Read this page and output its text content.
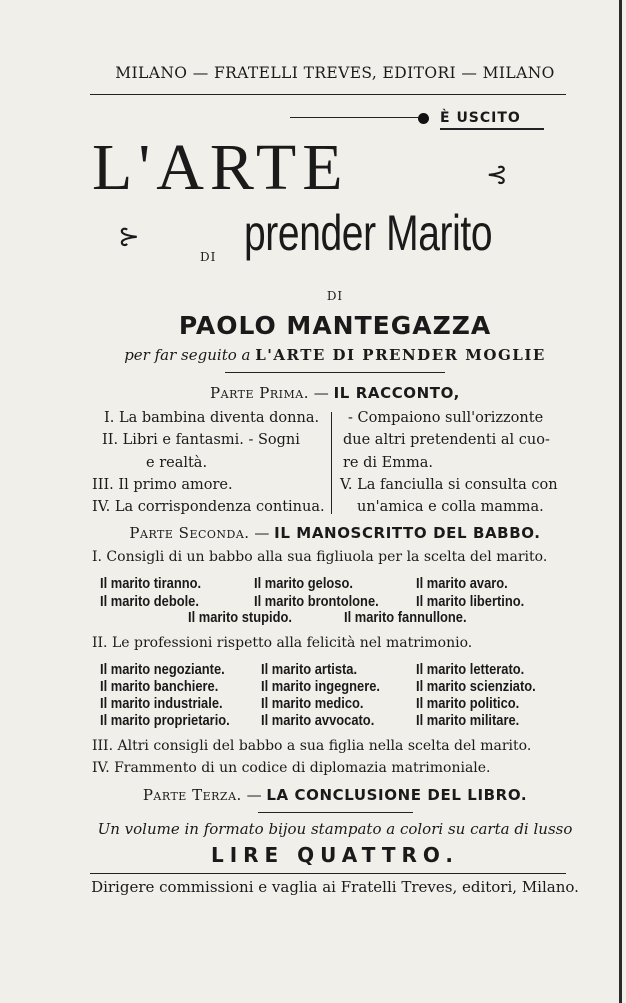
MILANO — FRATELLI TREVES, EDITORI — MILANO
È USCITO
L'ARTE	⊰
⊱
DI prender Marito
DI
PAOLO MANTEGAZZA
per far seguito a L'ARTE DI PRENDER MOGLIE
Parte Prima. — IL RACCONTO,
I. La bambina diventa donna.
II. Libri e fantasmi. - Sogni
e realtà.
III. Il primo amore.
IV. La corrispondenza continua.
- Compaiono sull'orizzonte
due altri pretendenti al cuo-
re di Emma.
V. La fanciulla si consulta con
un'amica e colla mamma.
Parte Seconda. — IL MANOSCRITTO DEL BABBO.
I. Consigli di un babbo alla sua figliuola per la scelta del marito.
Il marito tiranno.	Il marito geloso.	Il marito avaro.
Il marito debole.	Il marito brontolone. Il marito libertino.
Il marito stupido.	Il marito fannullone.
II. Le professioni rispetto alla felicità nel matrimonio.
Il marito negoziante. Il marito artista.	Il marito letterato.
Il marito banchiere.	Il marito ingegnere. Il marito scienziato.
Il marito industriale.	Il marito medico.	Il marito politico.
Il marito proprietario. Il marito avvocato.	Il marito militare.
III. Altri consigli del babbo a sua figlia nella scelta del marito.
IV. Frammento di un codice di diplomazia matrimoniale.
Parte Terza. — LA CONCLUSIONE DEL LIBRO.
Un volume in formato bijou stampato a colori su carta di lusso
LIRE QUATTRO.
Dirigere commissioni e vaglia ai Fratelli Treves, editori, Milano.
